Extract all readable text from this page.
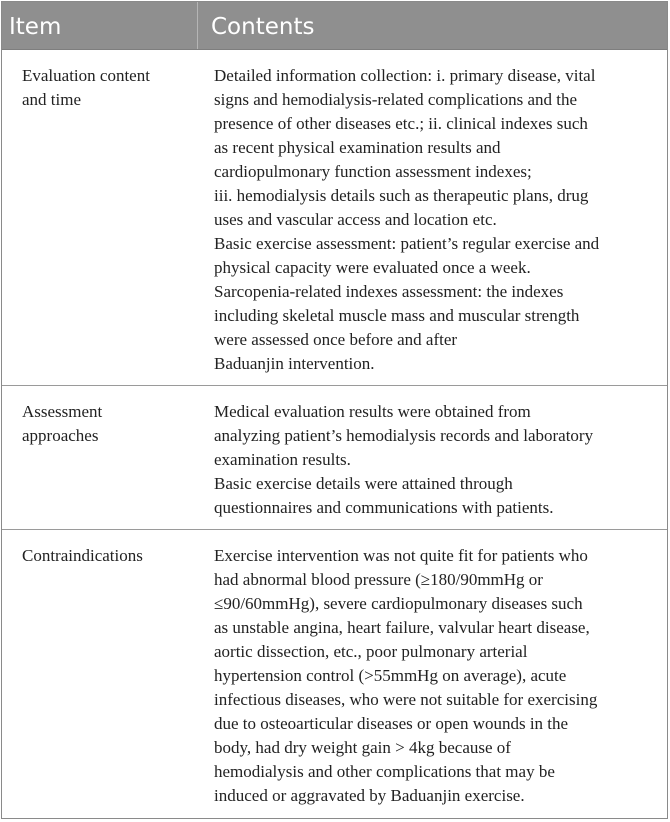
Item	Contents
Evaluation content
and time
Detailed information collection: i. primary disease, vital
signs and hemodialysis-related complications and the
presence of other diseases etc.; ii. clinical indexes such
as recent physical examination results and
cardiopulmonary function assessment indexes;
iii. hemodialysis details such as therapeutic plans, drug
uses and vascular access and location etc.
Basic exercise assessment: patient’s regular exercise and
physical capacity were evaluated once a week.
Sarcopenia-related indexes assessment: the indexes
including skeletal muscle mass and muscular strength
were assessed once before and after
Baduanjin intervention.
Assessment
approaches
Medical evaluation results were obtained from
analyzing patient’s hemodialysis records and laboratory
examination results.
Basic exercise details were attained through
questionnaires and communications with patients.
Contraindications	Exercise intervention was not quite fit for patients who
had abnormal blood pressure (≥180/90mmHg or
≤90/60mmHg), severe cardiopulmonary diseases such
as unstable angina, heart failure, valvular heart disease,
aortic dissection, etc., poor pulmonary arterial
hypertension control (>55mmHg on average), acute
infectious diseases, who were not suitable for exercising
due to osteoarticular diseases or open wounds in the
body, had dry weight gain > 4kg because of
hemodialysis and other complications that may be
induced or aggravated by Baduanjin exercise.
